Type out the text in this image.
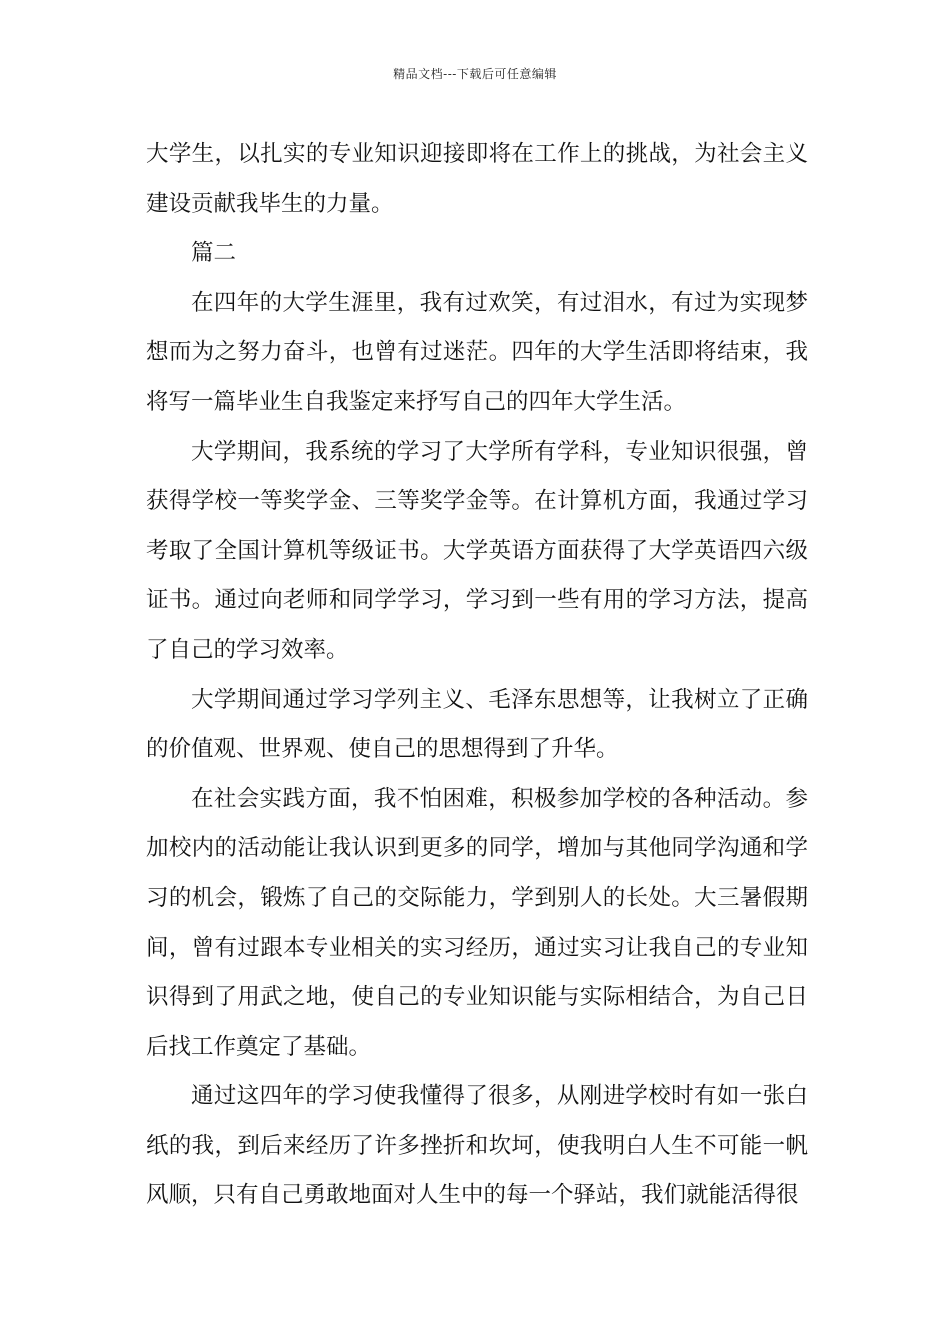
精品文档---下载后可任意编辑

大学生，以扎实的专业知识迎接即将在工作上的挑战，为社会主义建设贡献我毕生的力量。

篇二

在四年的大学生涯里，我有过欢笑，有过泪水，有过为实现梦想而为之努力奋斗，也曾有过迷茫。四年的大学生活即将结束，我将写一篇毕业生自我鉴定来抒写自己的四年大学生活。

大学期间，我系统的学习了大学所有学科，专业知识很强，曾获得学校一等奖学金、三等奖学金等。在计算机方面，我通过学习考取了全国计算机等级证书。大学英语方面获得了大学英语四六级证书。通过向老师和同学学习，学习到一些有用的学习方法，提高了自己的学习效率。

大学期间通过学习学列主义、毛泽东思想等，让我树立了正确的价值观、世界观、使自己的思想得到了升华。

在社会实践方面，我不怕困难，积极参加学校的各种活动。参加校内的活动能让我认识到更多的同学，增加与其他同学沟通和学习的机会，锻炼了自己的交际能力，学到别人的长处。大三暑假期间，曾有过跟本专业相关的实习经历，通过实习让我自己的专业知识得到了用武之地，使自己的专业知识能与实际相结合，为自己日后找工作奠定了基础。

通过这四年的学习使我懂得了很多，从刚进学校时有如一张白纸的我，到后来经历了许多挫折和坎坷，使我明白人生不可能一帆风顺，只有自己勇敢地面对人生中的每一个驿站，我们就能活得很
